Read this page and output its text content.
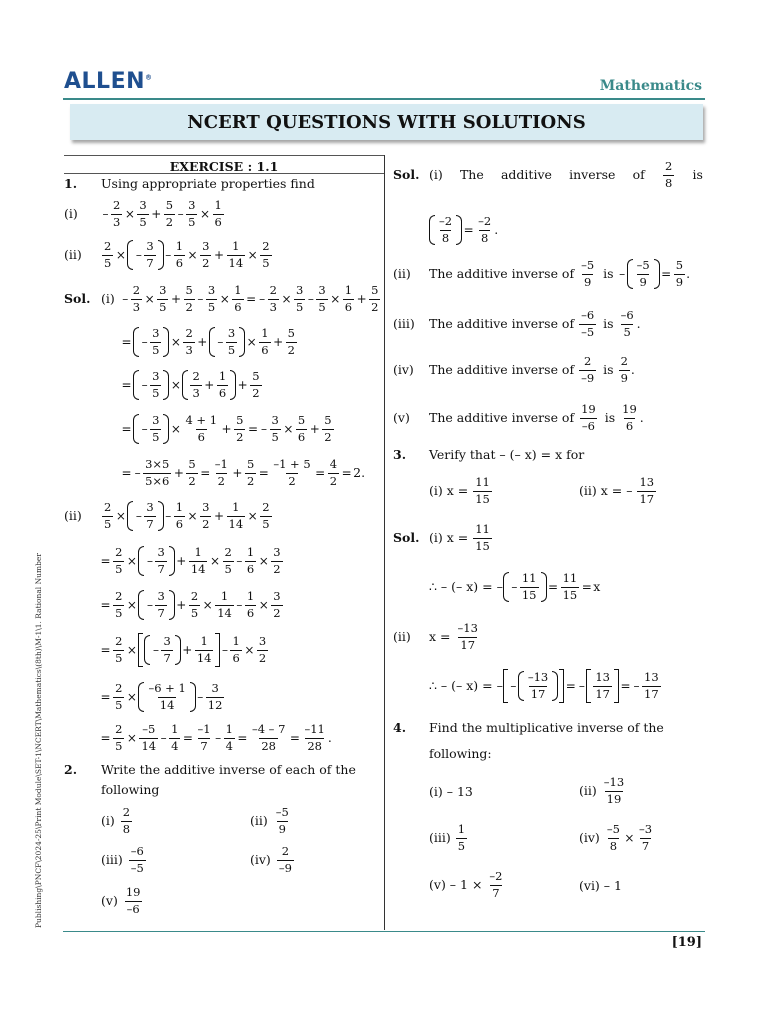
ALLEN®
Mathematics
NCERT QUESTIONS WITH SOLUTIONS
Publishing\PNCF\2024-25\Print Module\SET-1\NCERT\Mathematics\(8th)\M-1\1. Rational Number
[19]
EXERCISE : 1.1
1.	Using appropriate properties find
(i)	– $\frac{2}{3} \times \frac{3}{5} + \frac{5}{2} - \frac{3}{5} \times \frac{1}{6}$
(ii)	$\frac{2}{5}$ × – $\frac{3}{7} - \frac{1}{6} \times \frac{3}{2} + \frac{1}{14} \times \frac{2}{5}$
Sol. $(i) - \frac{2}{3} \times \frac{3}{5} + \frac{5}{2} - \frac{3}{5} \times \frac{1}{6}$ = – $\frac{2}{3} \times \frac{3}{5} - \frac{3}{5} \times \frac{1}{6} + \frac{5}{2}$
= – $\frac{3}{5} \times \frac{2}{3}$ + – $\frac{3}{5} \times \frac{1}{6} + \frac{5}{2}$
= – $\frac{3}{5} \times \frac{2}{3} + \frac{1}{6} + \frac{5}{2}$
= – $\frac{3}{5} \times \frac{4 + 1}{6} + \frac{5}{2}$ = – $\frac{3}{5} \times \frac{5}{6} + \frac{5}{2}$
= – $\frac{3\times 5}{5\times 6} + \frac{5}{2} = \frac{-1}{2} + \frac{5}{2} = \frac{-1 + 5}{2} = \frac{4}{2} = 2$.
(ii)	$\frac{2}{5}$ × – $\frac{3}{7} - \frac{1}{6} \times \frac{3}{2} + \frac{1}{14} \times \frac{2}{5}$
= $\frac{2}{5}$ × – $\frac{3}{7} + \frac{1}{14} \times \frac{2}{5} - \frac{1}{6} \times \frac{3}{2}$
= $\frac{2}{5}$ × – $\frac{3}{7} + \frac{2}{5} \times \frac{1}{14} - \frac{1}{6} \times \frac{3}{2}$
= $\frac{2}{5}$ × – $\frac{3}{7} + \frac{1}{14} - \frac{1}{6} \times \frac{3}{2}$
= $\frac{2}{5} \times \frac{-6 + 1}{14} - \frac{3}{12}$
= $\frac{2}{5} \times \frac{-5}{14} - \frac{1}{4} = \frac{-1}{7} - \frac{1}{4} = \frac{-4 - 7}{28} = \frac{-11}{28}$ .
2.	Write the additive inverse of each of the
following
$(i) \frac{2}{8}$	$(ii) \frac{-5}{9}$
$(iii) \frac{-6}{-5}$	$(iv) \frac{2}{-9}$
$(v) \frac{19}{-6}$
Sol. (i) The additive inverse of $\frac{2}{8}$ is
$\frac{-2}{8} = \frac{-2}{8}$ .
(ii)	The additive inverse of $\frac{-5}{9}$ is – $\frac{-5}{9} = \frac{5}{9}$ .
(iii)	The additive inverse of $\frac{-6}{-5}$ is $\frac{-6}{5}$ .
(iv)	The additive inverse of $\frac{2}{-9}$ is $\frac{2}{9}$ .
(v)	The additive inverse of $\frac{19}{-6}$ is $\frac{19}{6}$ .
3.	Verify that – (– x) = x for
(i) $x = \frac{11}{15}$	(ii) x = – $\frac{13}{17}$
Sol. (i) $x = \frac{11}{15}$
∴ – (– x) = – – $\frac{11}{15} = \frac{11}{15} = x$
(ii)	$x = \frac{-13}{17}$
∴ – (– x) = – – $\frac{-13}{17}$ = – $\frac{13}{17}$ = – $\frac{13}{17}$
4.	Find the multiplicative inverse of the
following:
(i) – 13	$(ii) \frac{-13}{19}$
$(iii) \frac{1}{5}$	$(iv) \frac{-5}{8} \times \frac{-3}{7}$
$(v) - 1 \times \frac{-2}{7}$	(vi) – 1
